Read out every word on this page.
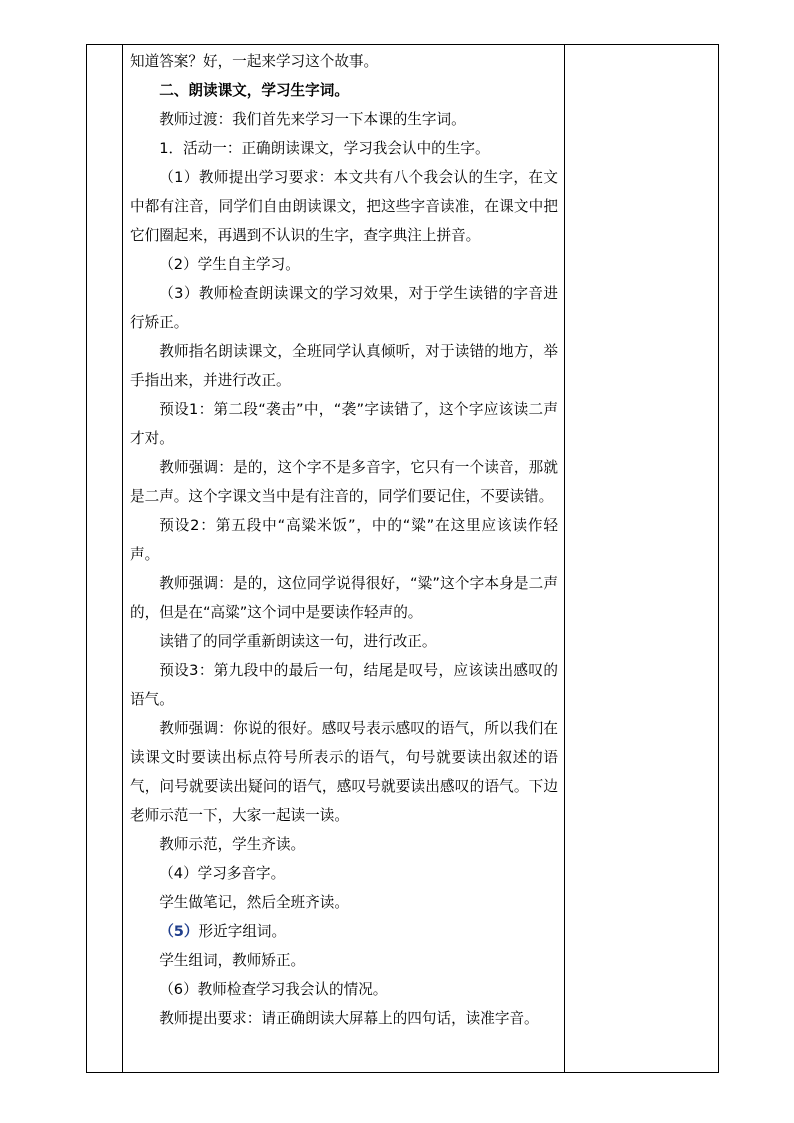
知道答案？好，一起来学习这个故事。

二、朗读课文，学习生字词。

教师过渡：我们首先来学习一下本课的生字词。

1．活动一：正确朗读课文，学习我会认中的生字。

（1）教师提出学习要求：本文共有八个我会认的生字，在文中都有注音，同学们自由朗读课文，把这些字音读准，在课文中把它们圈起来，再遇到不认识的生字，查字典注上拼音。

（2）学生自主学习。

（3）教师检查朗读课文的学习效果，对于学生读错的字音进行矫正。

教师指名朗读课文，全班同学认真倾听，对于读错的地方，举手指出来，并进行改正。

预设1：第二段“袭击”中，“袭”字读错了，这个字应该读二声才对。

教师强调：是的，这个字不是多音字，它只有一个读音，那就是二声。这个字课文当中是有注音的，同学们要记住，不要读错。

预设2：第五段中“高粱米饭”，中的“粱”在这里应该读作轻声。

教师强调：是的，这位同学说得很好，“粱”这个字本身是二声的，但是在“高粱”这个词中是要读作轻声的。

读错了的同学重新朗读这一句，进行改正。

预设3：第九段中的最后一句，结尾是叹号，应该读出感叹的语气。

教师强调：你说的很好。感叹号表示感叹的语气，所以我们在读课文时要读出标点符号所表示的语气，句号就要读出叙述的语气，问号就要读出疑问的语气，感叹号就要读出感叹的语气。下边老师示范一下，大家一起读一读。

教师示范，学生齐读。

（4）学习多音字。

学生做笔记，然后全班齐读。

（5）形近字组词。

学生组词，教师矫正。

（6）教师检查学习我会认的情况。

教师提出要求：请正确朗读大屏幕上的四句话，读准字音。
